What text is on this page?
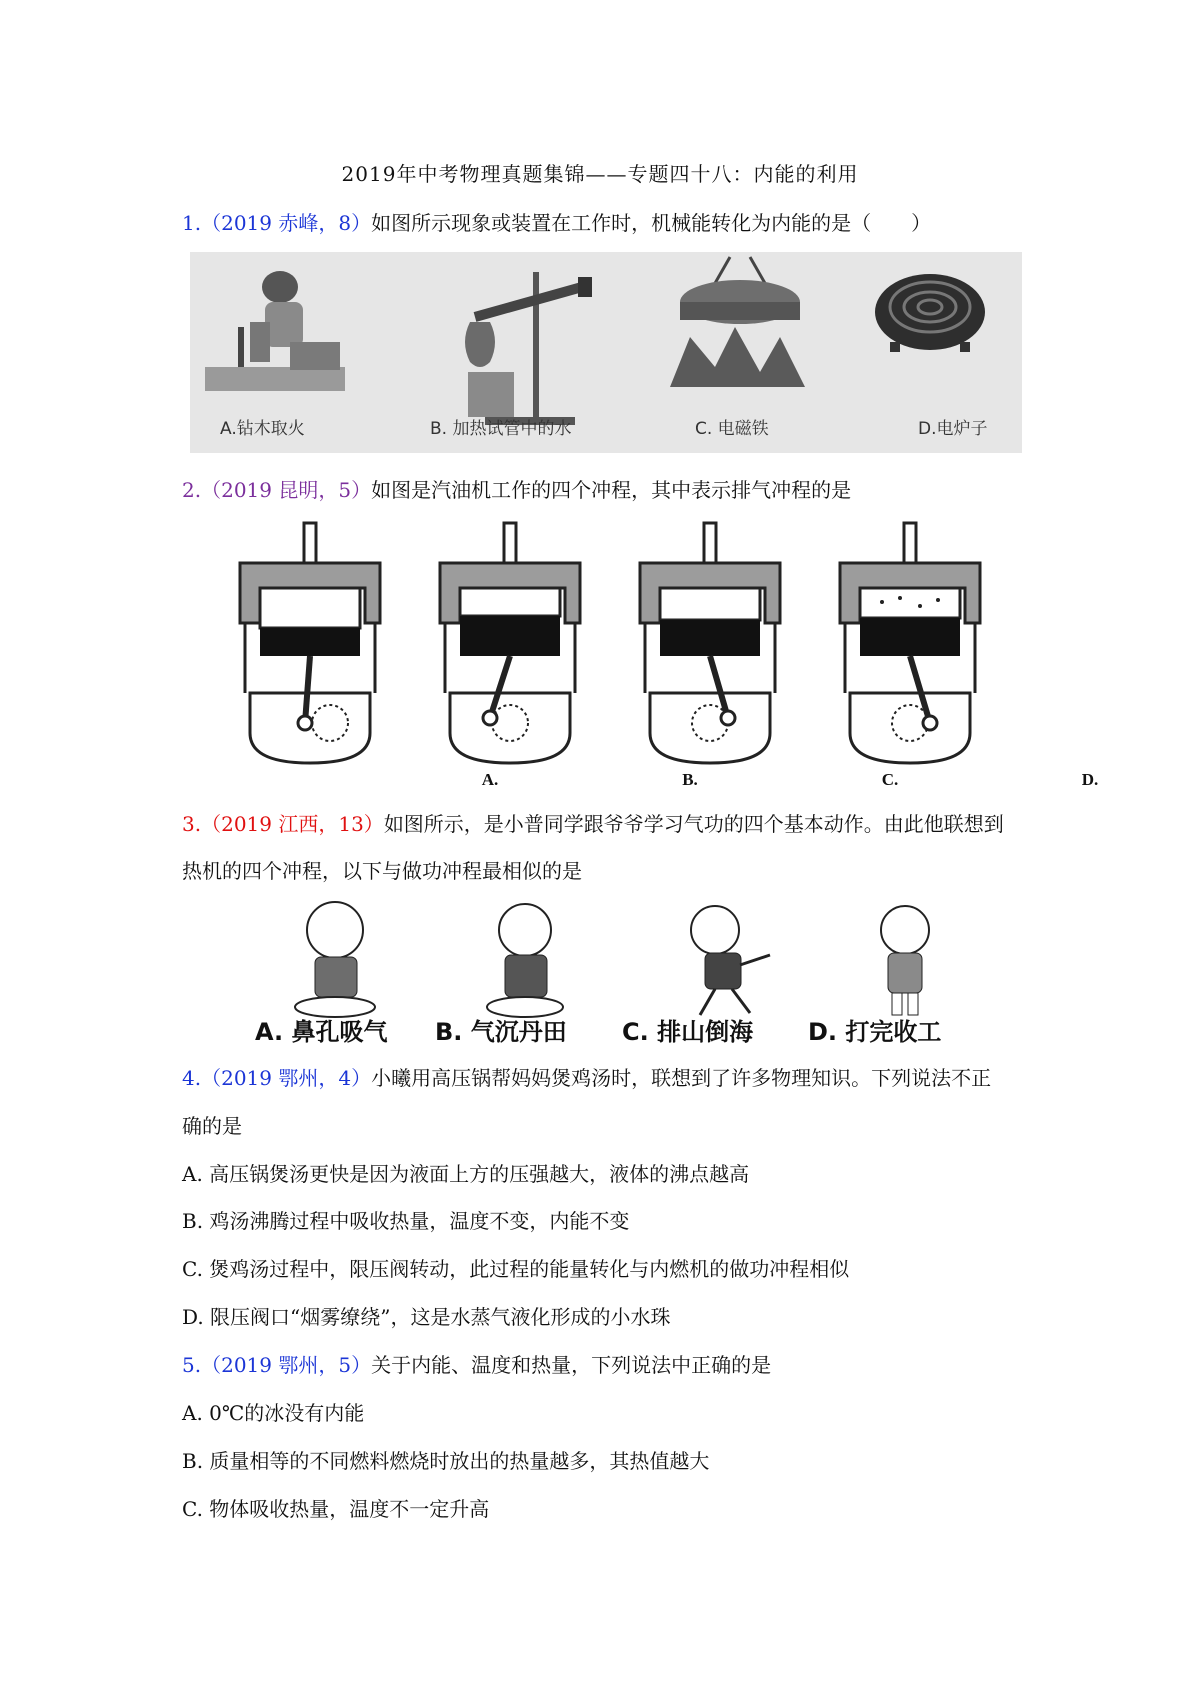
2019年中考物理真题集锦——专题四十八：内能的利用
1.（2019 赤峰，8）如图所示现象或装置在工作时，机械能转化为内能的是（　　）
A.钻木取火	B. 加热试管中的水	C. 电磁铁	D.电炉子
2.（2019 昆明，5）如图是汽油机工作的四个冲程，其中表示排气冲程的是
A.	B.	C.	D.
3.（2019 江西，13）如图所示，是小普同学跟爷爷学习气功的四个基本动作。由此他联想到
热机的四个冲程，以下与做功冲程最相似的是
A. 鼻孔吸气 B. 气沉丹田 C. 排山倒海 D. 打完收工
4.（2019 鄂州，4）小曦用高压锅帮妈妈煲鸡汤时，联想到了许多物理知识。下列说法不正
确的是
A. 高压锅煲汤更快是因为液面上方的压强越大，液体的沸点越高
B. 鸡汤沸腾过程中吸收热量，温度不变，内能不变
C. 煲鸡汤过程中，限压阀转动，此过程的能量转化与内燃机的做功冲程相似
D. 限压阀口“烟雾缭绕”，这是水蒸气液化形成的小水珠
5.（2019 鄂州，5）关于内能、温度和热量，下列说法中正确的是
A. 0℃的冰没有内能
B. 质量相等的不同燃料燃烧时放出的热量越多，其热值越大
C. 物体吸收热量，温度不一定升高
